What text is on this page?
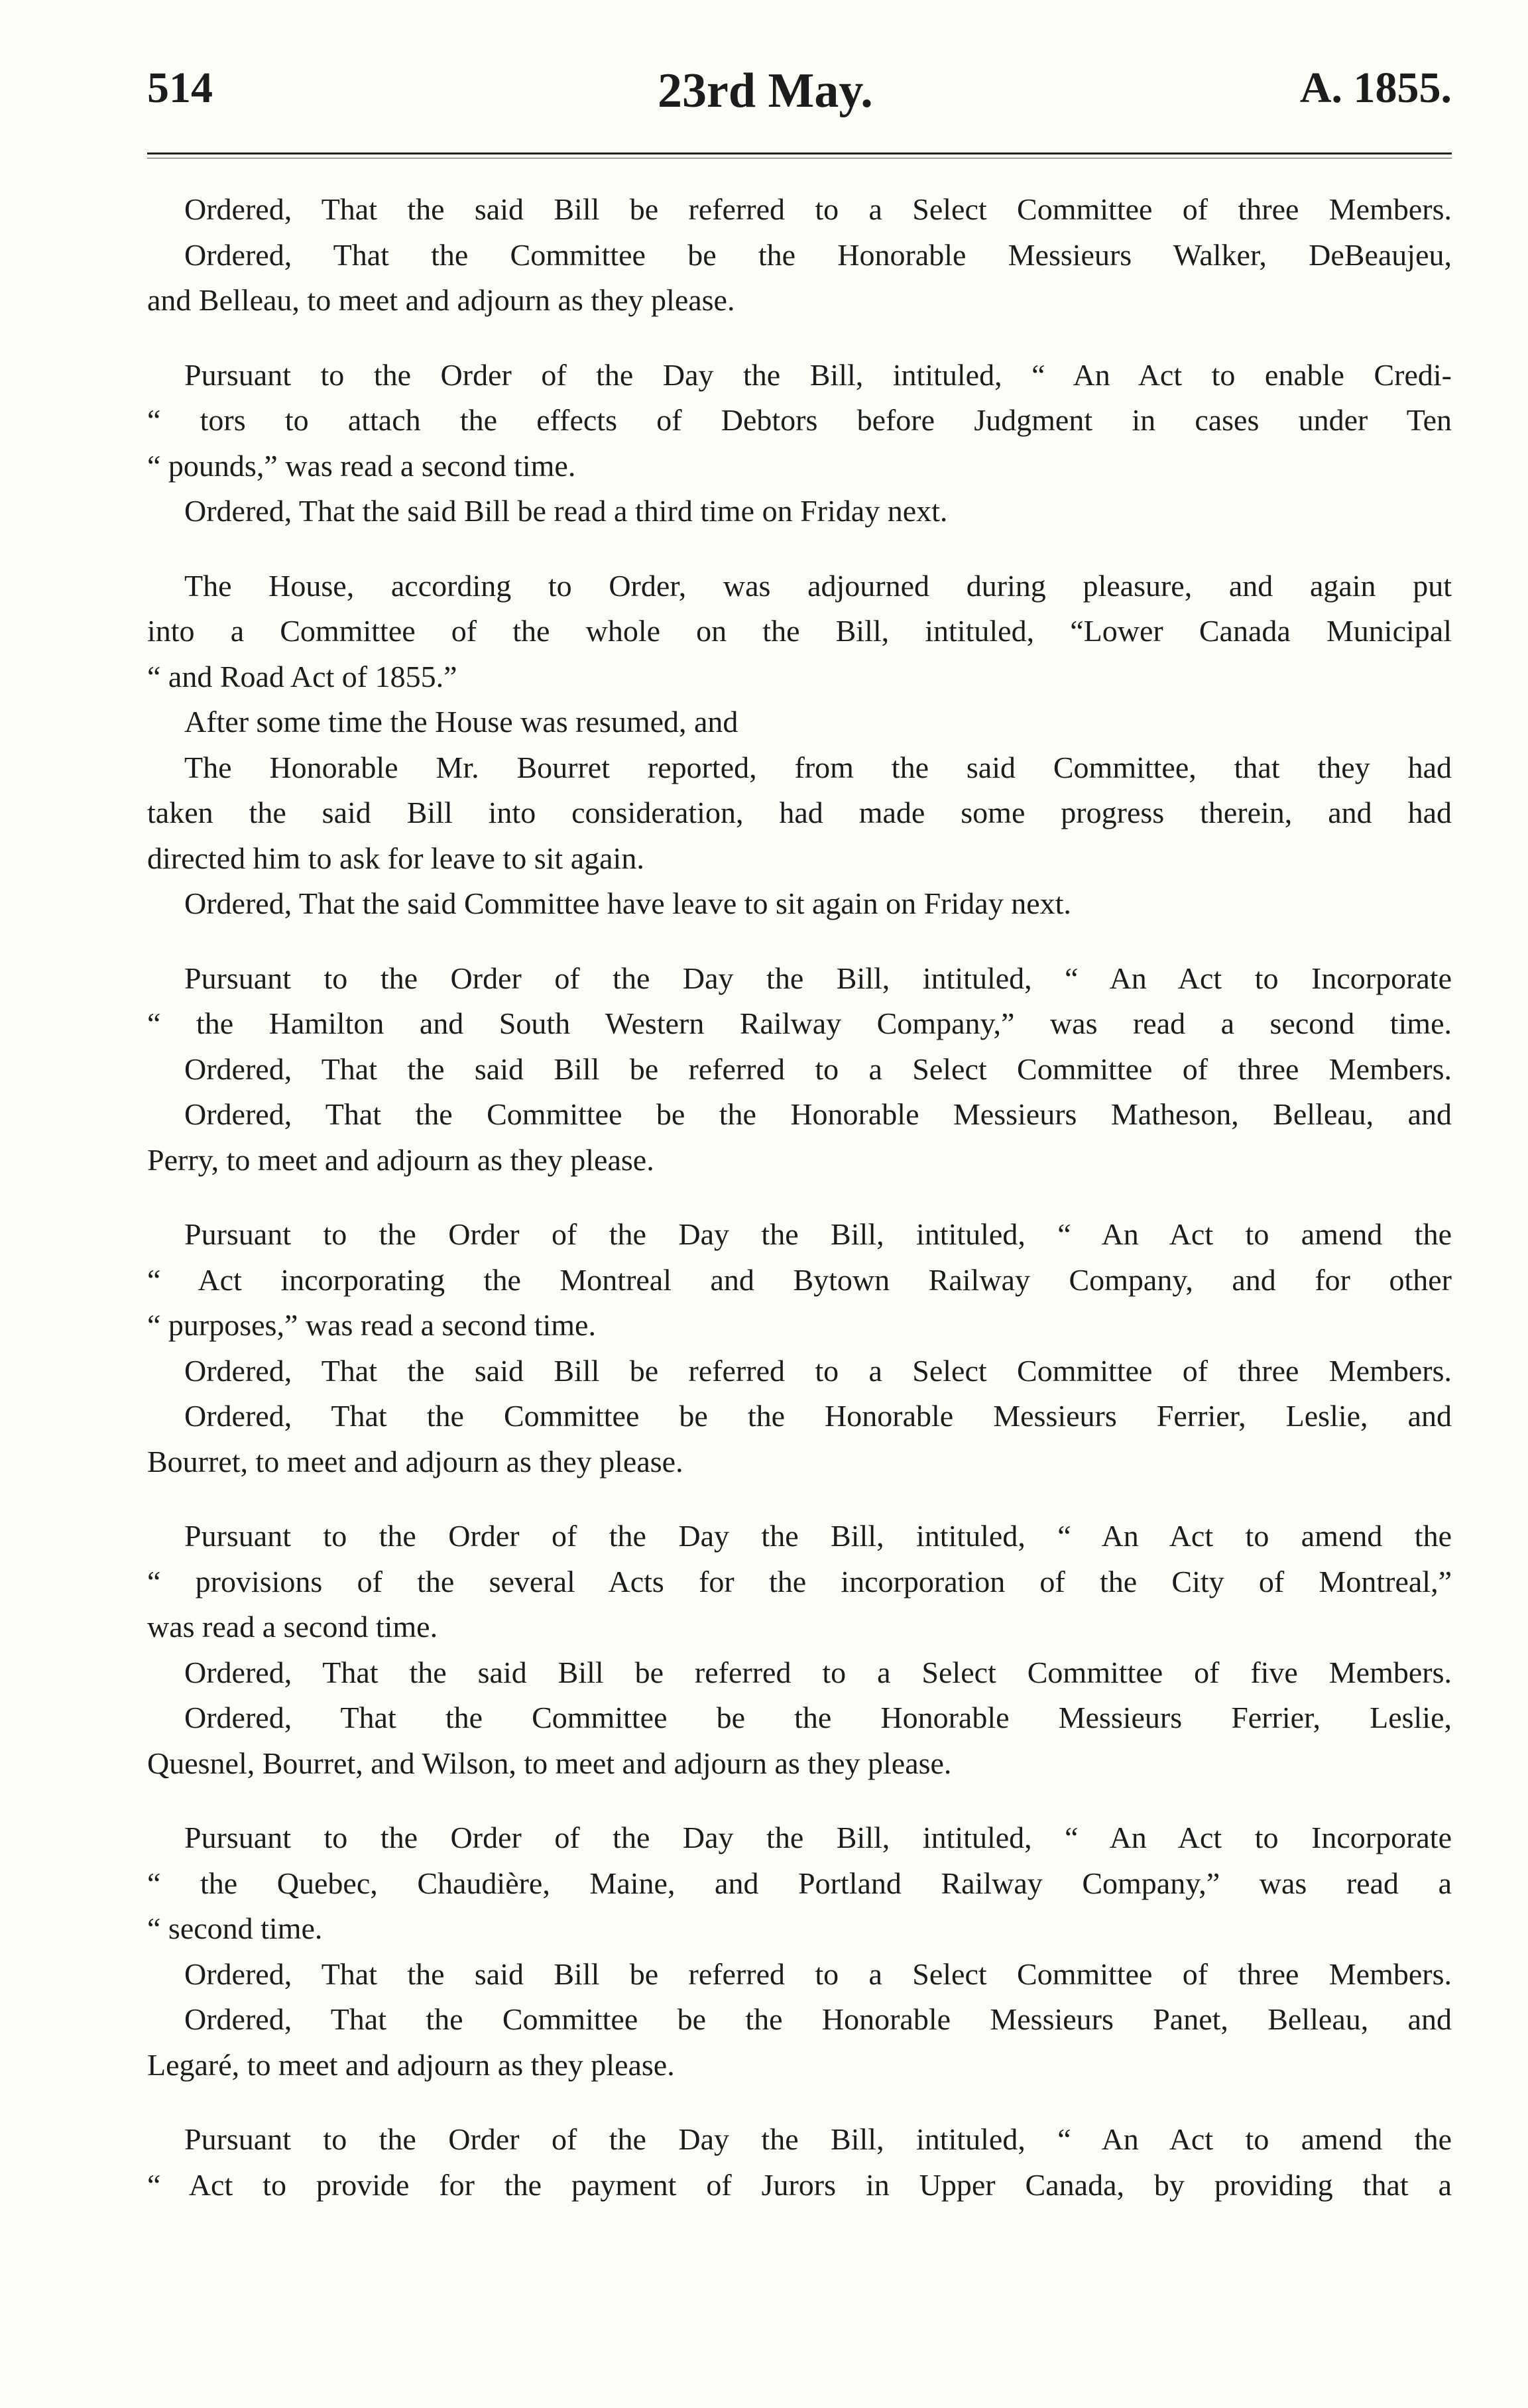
514	23rd May.	A. 1855.
Ordered, That the said Bill be referred to a Select Committee of three Members.
Ordered, That the Committee be the Honorable Messieurs Walker, DeBeaujeu,
and Belleau, to meet and adjourn as they please.
Pursuant to the Order of the Day the Bill, intituled, “ An Act to enable Credi-
“ tors to attach the effects of Debtors before Judgment in cases under Ten
“ pounds,” was read a second time.
Ordered, That the said Bill be read a third time on Friday next.
The House, according to Order, was adjourned during pleasure, and again put
into a Committee of the whole on the Bill, intituled, “Lower Canada Municipal
“ and Road Act of 1855.”
After some time the House was resumed, and
The Honorable Mr. Bourret reported, from the said Committee, that they had
taken the said Bill into consideration, had made some progress therein, and had
directed him to ask for leave to sit again.
Ordered, That the said Committee have leave to sit again on Friday next.
Pursuant to the Order of the Day the Bill, intituled, “ An Act to Incorporate
“ the Hamilton and South Western Railway Company,” was read a second time.
Ordered, That the said Bill be referred to a Select Committee of three Members.
Ordered, That the Committee be the Honorable Messieurs Matheson, Belleau, and
Perry, to meet and adjourn as they please.
Pursuant to the Order of the Day the Bill, intituled, “ An Act to amend the
“ Act incorporating the Montreal and Bytown Railway Company, and for other
“ purposes,” was read a second time.
Ordered, That the said Bill be referred to a Select Committee of three Members.
Ordered, That the Committee be the Honorable Messieurs Ferrier, Leslie, and
Bourret, to meet and adjourn as they please.
Pursuant to the Order of the Day the Bill, intituled, “ An Act to amend the
“ provisions of the several Acts for the incorporation of the City of Montreal,”
was read a second time.
Ordered, That the said Bill be referred to a Select Committee of five Members.
Ordered, That the Committee be the Honorable Messieurs Ferrier, Leslie,
Quesnel, Bourret, and Wilson, to meet and adjourn as they please.
Pursuant to the Order of the Day the Bill, intituled, “ An Act to Incorporate
“ the Quebec, Chaudière, Maine, and Portland Railway Company,” was read a
“ second time.
Ordered, That the said Bill be referred to a Select Committee of three Members.
Ordered, That the Committee be the Honorable Messieurs Panet, Belleau, and
Legaré, to meet and adjourn as they please.
Pursuant to the Order of the Day the Bill, intituled, “ An Act to amend the
“ Act to provide for the payment of Jurors in Upper Canada, by providing that a
